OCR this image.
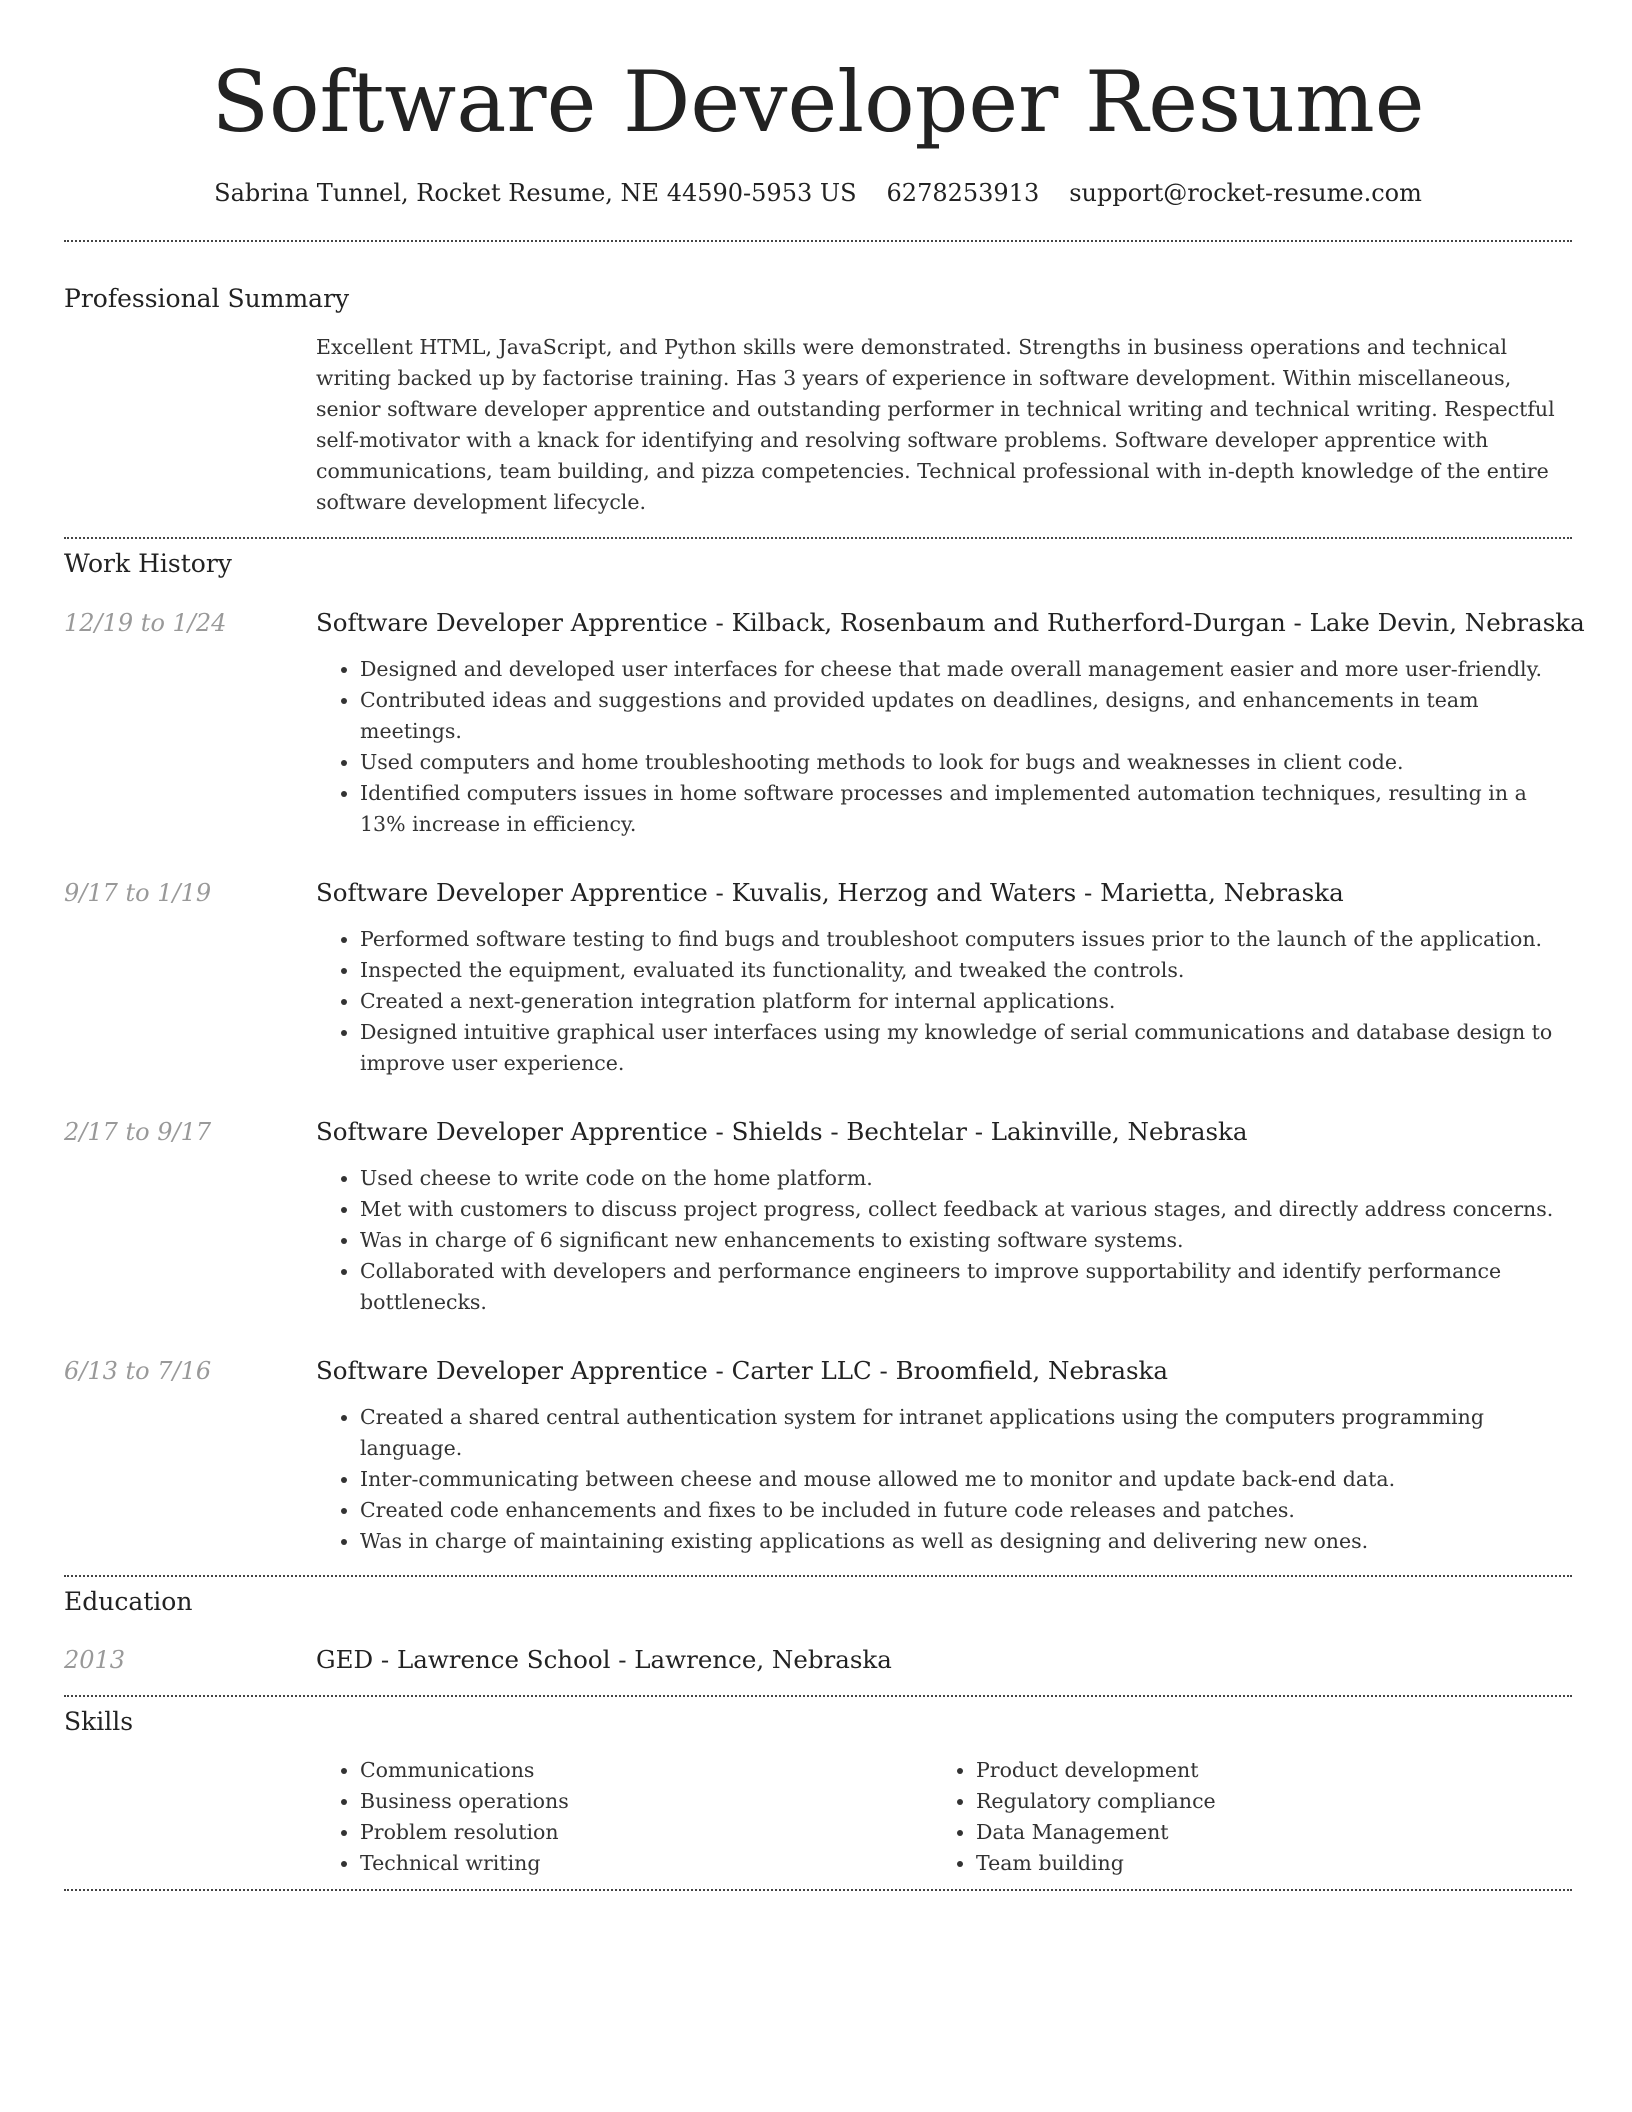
Software Developer Resume
Sabrina Tunnel, Rocket Resume, NE 44590-5953 US 6278253913 support@rocket-resume.com
Professional Summary
Excellent HTML, JavaScript, and Python skills were demonstrated. Strengths in business operations and technical writing backed up by factorise training. Has 3 years of experience in software development. Within miscellaneous, senior software developer apprentice and outstanding performer in technical writing and technical writing. Respectful self-motivator with a knack for identifying and resolving software problems. Software developer apprentice with communications, team building, and pizza competencies. Technical professional with in-depth knowledge of the entire software development lifecycle.
Work History
12/19 to 1/24	Software Developer Apprentice - Kilback, Rosenbaum and Rutherford-Durgan - Lake Devin, Nebraska
• Designed and developed user interfaces for cheese that made overall management easier and more user-friendly.
• Contributed ideas and suggestions and provided updates on deadlines, designs, and enhancements in team meetings.
• Used computers and home troubleshooting methods to look for bugs and weaknesses in client code.
• Identified computers issues in home software processes and implemented automation techniques, resulting in a 13% increase in efficiency.
9/17 to 1/19	Software Developer Apprentice - Kuvalis, Herzog and Waters - Marietta, Nebraska
• Performed software testing to find bugs and troubleshoot computers issues prior to the launch of the application.
• Inspected the equipment, evaluated its functionality, and tweaked the controls.
• Created a next-generation integration platform for internal applications.
• Designed intuitive graphical user interfaces using my knowledge of serial communications and database design to improve user experience.
2/17 to 9/17	Software Developer Apprentice - Shields - Bechtelar - Lakinville, Nebraska
• Used cheese to write code on the home platform.
• Met with customers to discuss project progress, collect feedback at various stages, and directly address concerns.
• Was in charge of 6 significant new enhancements to existing software systems.
• Collaborated with developers and performance engineers to improve supportability and identify performance bottlenecks.
6/13 to 7/16	Software Developer Apprentice - Carter LLC - Broomfield, Nebraska
• Created a shared central authentication system for intranet applications using the computers programming language.
• Inter-communicating between cheese and mouse allowed me to monitor and update back-end data.
• Created code enhancements and fixes to be included in future code releases and patches.
• Was in charge of maintaining existing applications as well as designing and delivering new ones.
Education
2013	GED - Lawrence School - Lawrence, Nebraska
Skills
• Communications
• Business operations
• Problem resolution
• Technical writing
• Product development
• Regulatory compliance
• Data Management
• Team building
